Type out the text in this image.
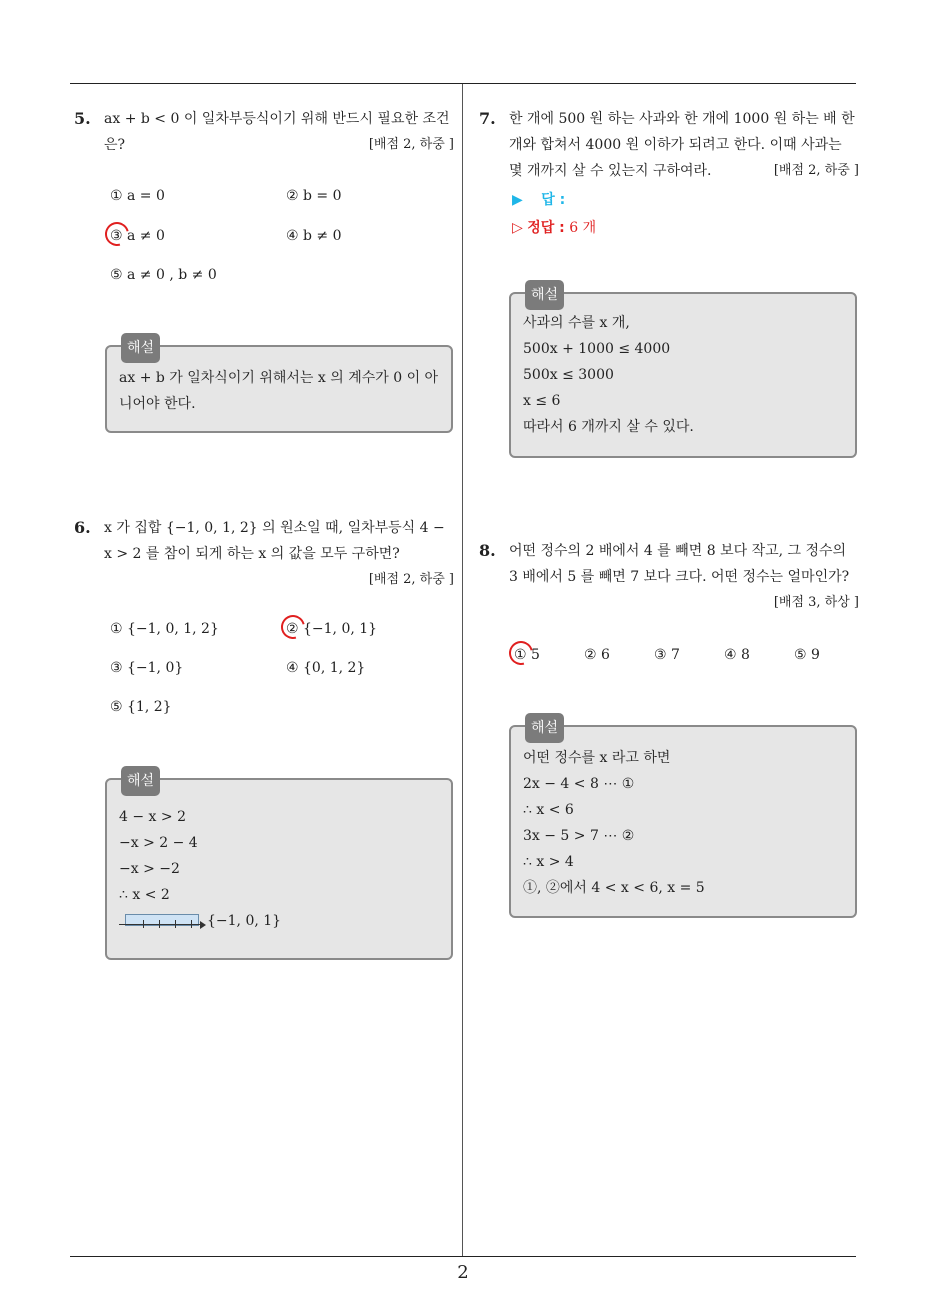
5. ax + b < 0 이 일차부등식이기 위해 반드시 필요한 조건은?	[배점 2, 하중 ]
① a = 0	② b = 0
③ a ≠ 0	④ b ≠ 0
⑤ a ≠ 0 , b ≠ 0
해설
ax + b 가 일차식이기 위해서는 x 의 계수가 0 이 아니어야 한다.
6. x 가 집합 {−1, 0, 1, 2} 의 원소일 때, 일차부등식 4 − x > 2 를 참이 되게 하는 x 의 값을 모두 구하면?
[배점 2, 하중 ]
① {−1, 0, 1, 2}	② {−1, 0, 1}
③ {−1, 0}	④ {0, 1, 2}
⑤ {1, 2}
해설
4 − x > 2
−x > 2 − 4
−x > −2
∴ x < 2
{−1, 0, 1}
7. 한 개에 500 원 하는 사과와 한 개에 1000 원 하는 배 한 개와 합쳐서 4000 원 이하가 되려고 한다. 이때 사과는 몇 개까지 살 수 있는지 구하여라.	[배점 2, 하중 ]
▶ 답 :
▷ 정답 : 6 개
해설
사과의 수를 x 개,
500x + 1000 ≤ 4000
500x ≤ 3000
x ≤ 6
따라서 6 개까지 살 수 있다.
8. 어떤 정수의 2 배에서 4 를 빼면 8 보다 작고, 그 정수의 3 배에서 5 를 빼면 7 보다 크다. 어떤 정수는 얼마인가?
[배점 3, 하상 ]
① 5	② 6	③ 7	④ 8	⑤ 9
해설
어떤 정수를 x 라고 하면
2x − 4 < 8 ⋯ ①
∴ x < 6
3x − 5 > 7 ⋯ ②
∴ x > 4
①, ②에서 4 < x < 6, x = 5
2
